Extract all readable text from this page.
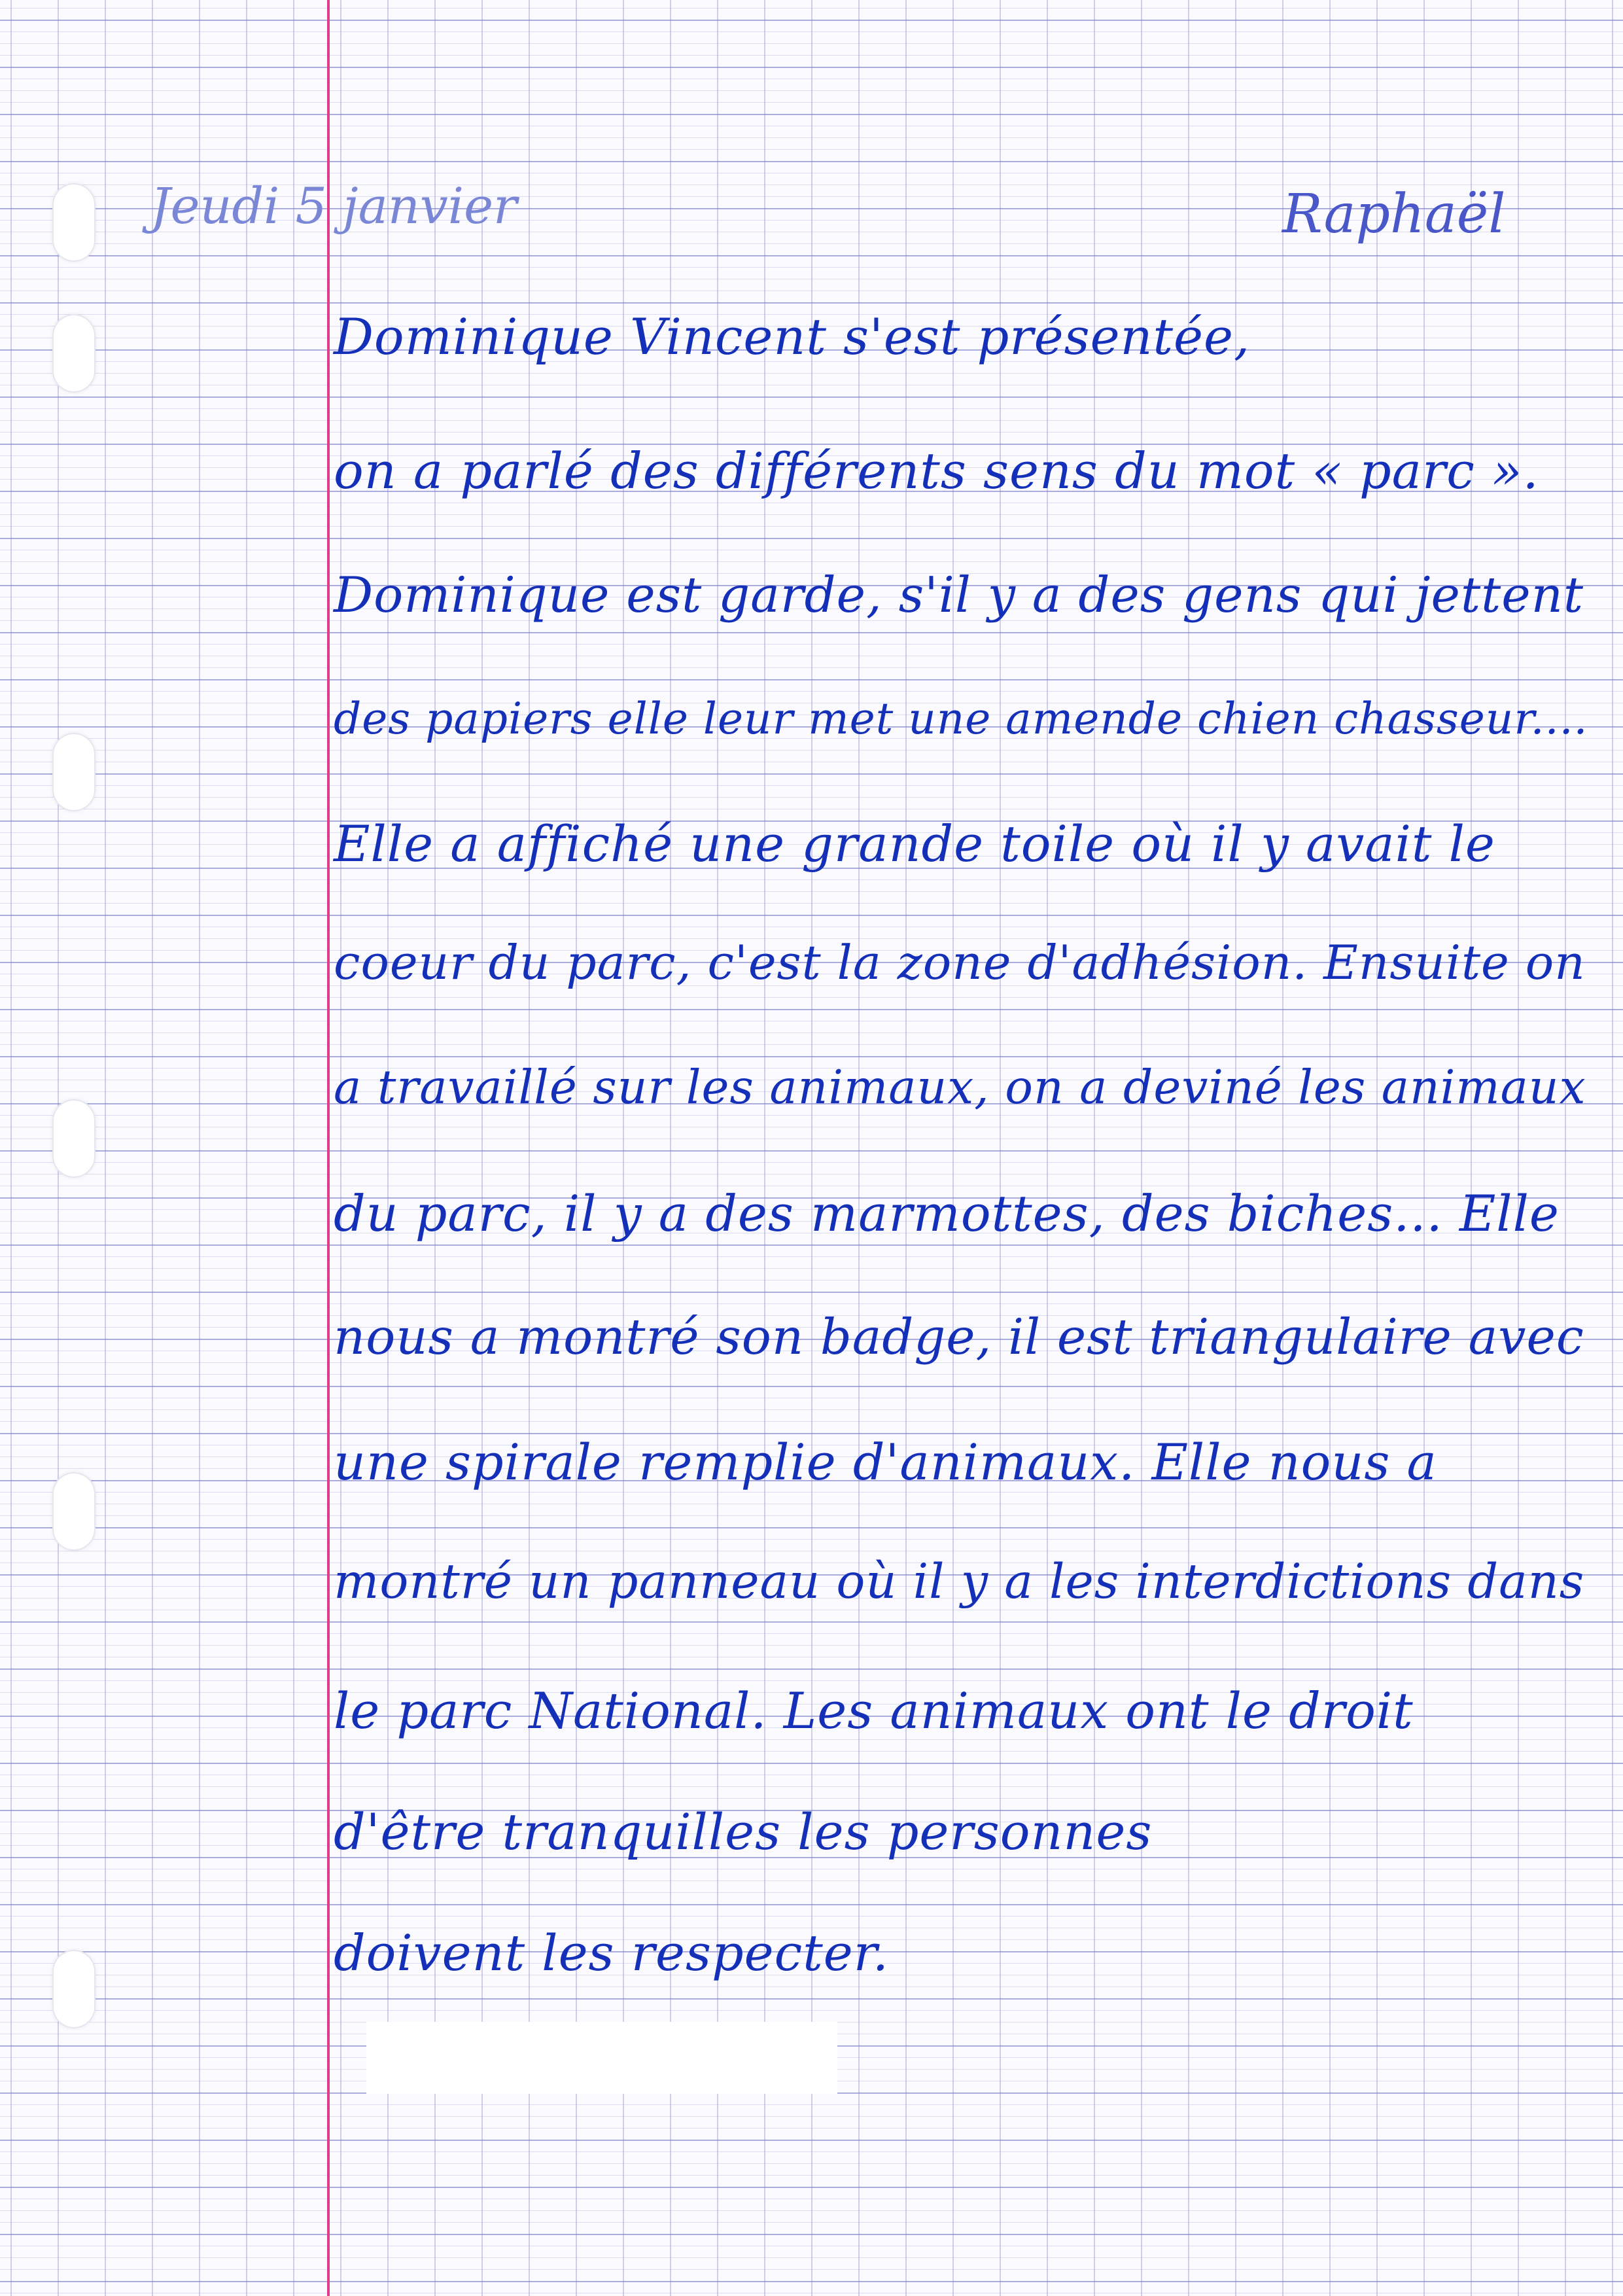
Jeudi 5 janvier	Raphaël
Dominique Vincent s'est présentée,
on a parlé des différents sens du mot « parc ».
Dominique est garde, s'il y a des gens qui jettent
des papiers elle leur met une amende chien chasseur....
Elle a affiché une grande toile où il y avait le
coeur du parc, c'est la zone d'adhésion. Ensuite on
a travaillé sur les animaux, on a deviné les animaux
du parc, il y a des marmottes, des biches... Elle
nous a montré son badge, il est triangulaire avec
une spirale remplie d'animaux. Elle nous a
montré un panneau où il y a les interdictions dans
le parc National. Les animaux ont le droit
d'être tranquilles les personnes
doivent les respecter.
